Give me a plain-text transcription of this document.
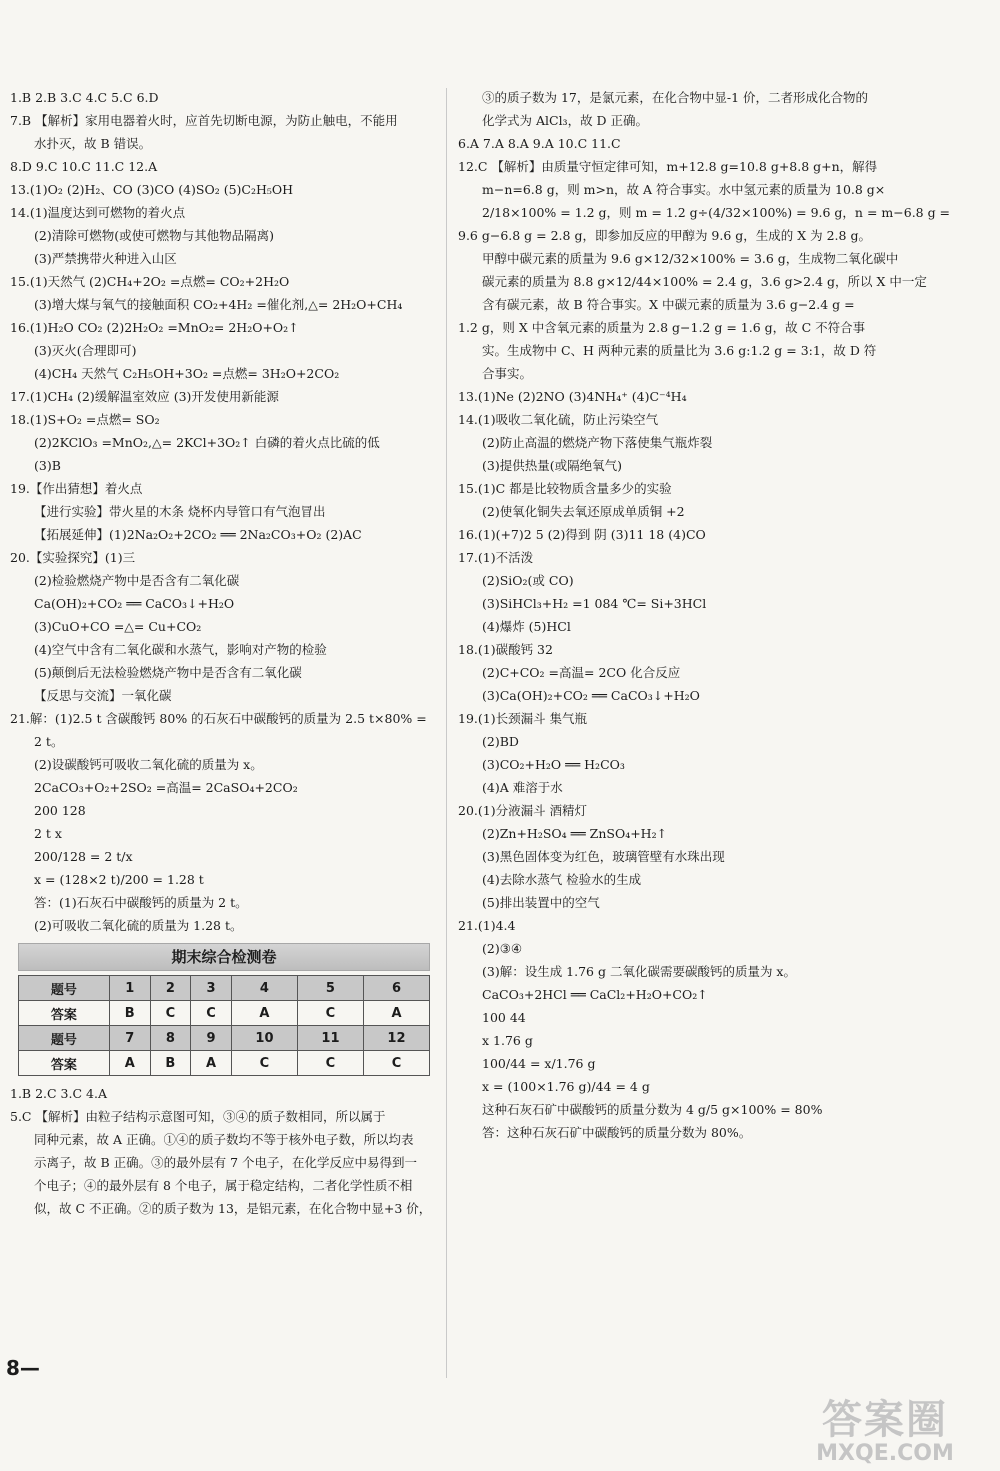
1.B 2.B 3.C 4.C 5.C 6.D
7.B 【解析】家用电器着火时，应首先切断电源，为防止触电，不能用
水扑灭，故 B 错误。
8.D 9.C 10.C 11.C 12.A
13.(1)O₂ (2)H₂、CO (3)CO (4)SO₂ (5)C₂H₅OH
14.(1)温度达到可燃物的着火点
(2)清除可燃物(或使可燃物与其他物品隔离)
(3)严禁携带火种进入山区
15.(1)天然气 (2)CH₄+2O₂ =点燃= CO₂+2H₂O
(3)增大煤与氧气的接触面积 CO₂+4H₂ =催化剂,△= 2H₂O+CH₄
16.(1)H₂O CO₂ (2)2H₂O₂ =MnO₂= 2H₂O+O₂↑
(3)灭火(合理即可)
(4)CH₄ 天然气 C₂H₅OH+3O₂ =点燃= 3H₂O+2CO₂
17.(1)CH₄ (2)缓解温室效应 (3)开发使用新能源
18.(1)S+O₂ =点燃= SO₂
(2)2KClO₃ =MnO₂,△= 2KCl+3O₂↑ 白磷的着火点比硫的低
(3)B
19.【作出猜想】着火点
【进行实验】带火星的木条 烧杯内导管口有气泡冒出
【拓展延伸】(1)2Na₂O₂+2CO₂ ══ 2Na₂CO₃+O₂ (2)AC
20.【实验探究】(1)三
(2)检验燃烧产物中是否含有二氧化碳
Ca(OH)₂+CO₂ ══ CaCO₃↓+H₂O
(3)CuO+CO =△= Cu+CO₂
(4)空气中含有二氧化碳和水蒸气，影响对产物的检验
(5)颠倒后无法检验燃烧产物中是否含有二氧化碳
【反思与交流】一氧化碳
21.解：(1)2.5 t 含碳酸钙 80% 的石灰石中碳酸钙的质量为 2.5 t×80% =
2 t。
(2)设碳酸钙可吸收二氧化硫的质量为 x。
2CaCO₃+O₂+2SO₂ =高温= 2CaSO₄+2CO₂
200 128
2 t x
200/128 = 2 t/x
x = (128×2 t)/200 = 1.28 t
答：(1)石灰石中碳酸钙的质量为 2 t。
(2)可吸收二氧化硫的质量为 1.28 t。
期末综合检测卷
题号	1	2	3	4	5	6
答案	B	C	C	A	C	A
题号	7	8	9	10	11	12
答案	A	B	A	C	C	C
1.B 2.C 3.C 4.A
5.C 【解析】由粒子结构示意图可知，③④的质子数相同，所以属于
同种元素，故 A 正确。①④的质子数均不等于核外电子数，所以均表
示离子，故 B 正确。③的最外层有 7 个电子，在化学反应中易得到一
个电子；④的最外层有 8 个电子，属于稳定结构，二者化学性质不相
似，故 C 不正确。②的质子数为 13，是铝元素，在化合物中显+3 价，
③的质子数为 17，是氯元素，在化合物中显-1 价，二者形成化合物的
化学式为 AlCl₃，故 D 正确。
6.A 7.A 8.A 9.A 10.C 11.C
12.C 【解析】由质量守恒定律可知，m+12.8 g=10.8 g+8.8 g+n，解得
m−n=6.8 g，则 m>n，故 A 符合事实。水中氢元素的质量为 10.8 g×
2/18×100% = 1.2 g，则 m = 1.2 g÷(4/32×100%) = 9.6 g，n = m−6.8 g =
9.6 g−6.8 g = 2.8 g，即参加反应的甲醇为 9.6 g，生成的 X 为 2.8 g。
甲醇中碳元素的质量为 9.6 g×12/32×100% = 3.6 g，生成物二氧化碳中
碳元素的质量为 8.8 g×12/44×100% = 2.4 g，3.6 g>2.4 g，所以 X 中一定
含有碳元素，故 B 符合事实。X 中碳元素的质量为 3.6 g−2.4 g =
1.2 g，则 X 中含氧元素的质量为 2.8 g−1.2 g = 1.6 g，故 C 不符合事
实。生成物中 C、H 两种元素的质量比为 3.6 g:1.2 g = 3:1，故 D 符
合事实。
13.(1)Ne (2)2NO (3)4NH₄⁺ (4)C⁻⁴H₄
14.(1)吸收二氧化硫，防止污染空气
(2)防止高温的燃烧产物下落使集气瓶炸裂
(3)提供热量(或隔绝氧气)
15.(1)C 都是比较物质含量多少的实验
(2)使氧化铜失去氧还原成单质铜 +2
16.(1)(+7)2 5 (2)得到 阴 (3)11 18 (4)CO
17.(1)不活泼
(2)SiO₂(或 CO)
(3)SiHCl₃+H₂ =1 084 ℃= Si+3HCl
(4)爆炸 (5)HCl
18.(1)碳酸钙 32
(2)C+CO₂ =高温= 2CO 化合反应
(3)Ca(OH)₂+CO₂ ══ CaCO₃↓+H₂O
19.(1)长颈漏斗 集气瓶
(2)BD
(3)CO₂+H₂O ══ H₂CO₃
(4)A 难溶于水
20.(1)分液漏斗 酒精灯
(2)Zn+H₂SO₄ ══ ZnSO₄+H₂↑
(3)黑色固体变为红色，玻璃管壁有水珠出现
(4)去除水蒸气 检验水的生成
(5)排出装置中的空气
21.(1)4.4
(2)③④
(3)解：设生成 1.76 g 二氧化碳需要碳酸钙的质量为 x。
CaCO₃+2HCl ══ CaCl₂+H₂O+CO₂↑
100 44
x 1.76 g
100/44 = x/1.76 g
x = (100×1.76 g)/44 = 4 g
这种石灰石矿中碳酸钙的质量分数为 4 g/5 g×100% = 80%
答：这种石灰石矿中碳酸钙的质量分数为 80%。
8—
答案圈
MXQE.COM
